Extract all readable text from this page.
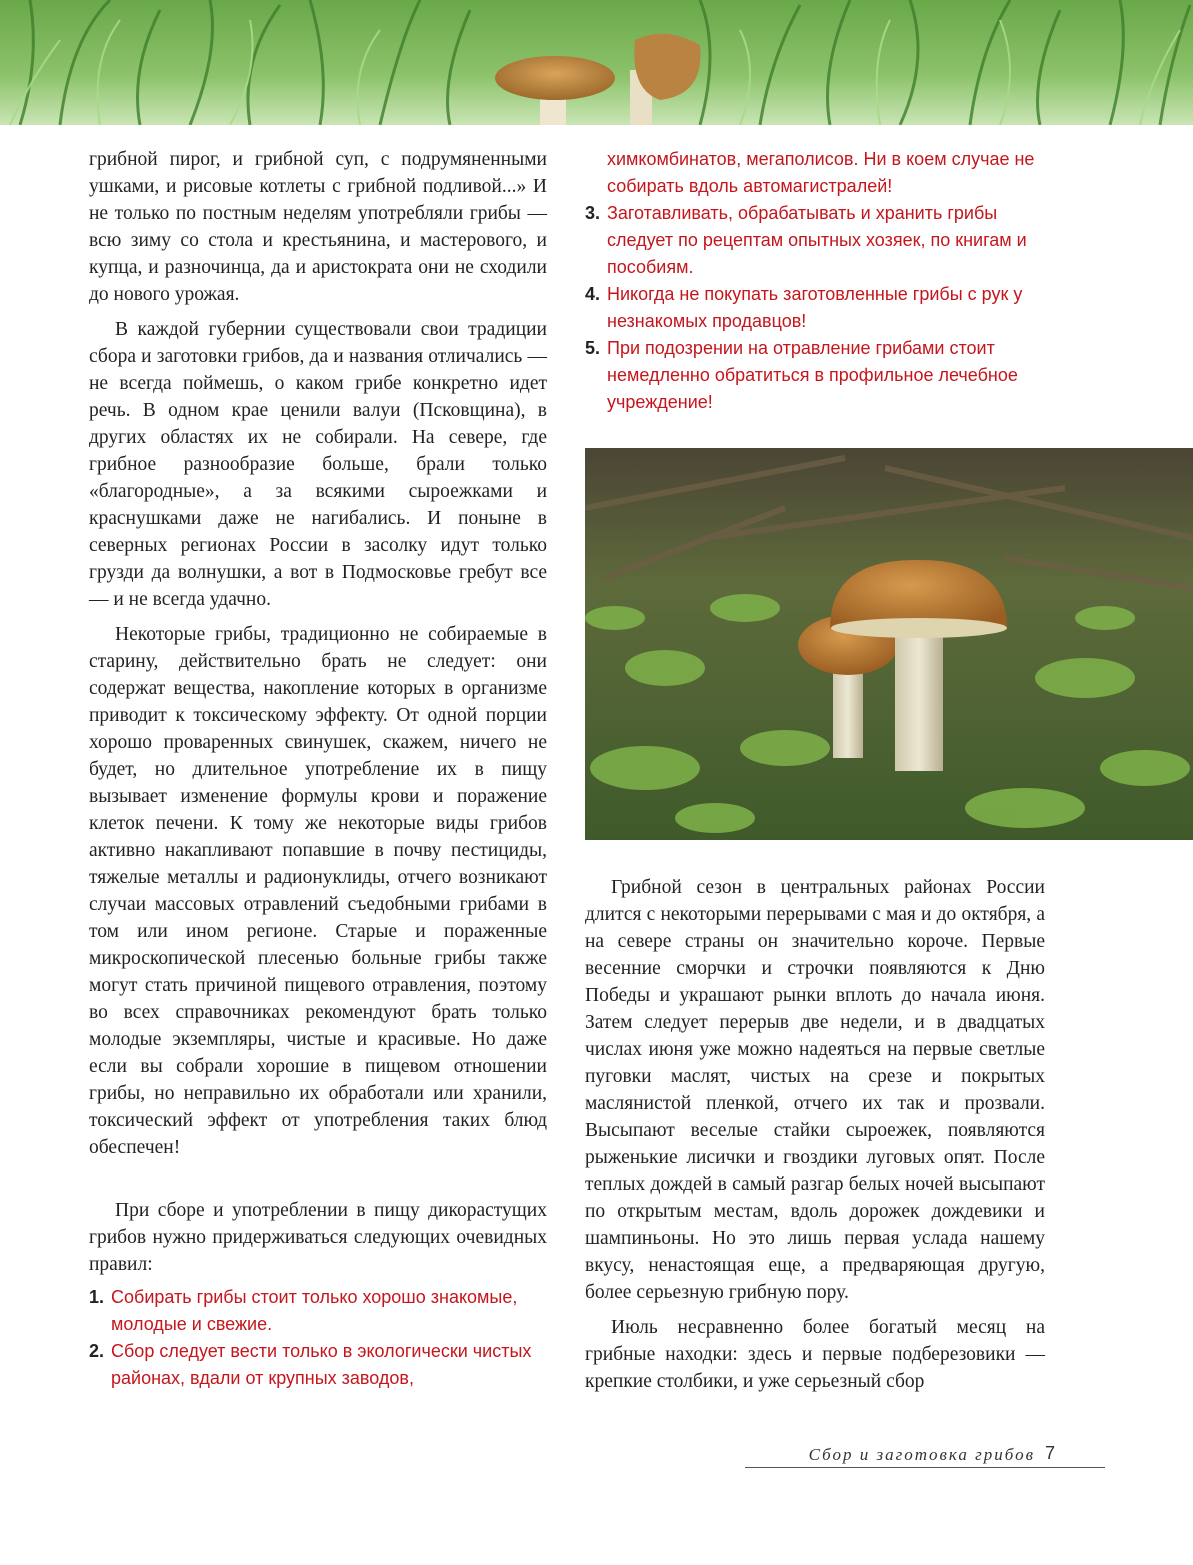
грибной пирог, и грибной суп, с подрумяненными ушками, и рисовые котлеты с грибной подливой...» И не только по постным неделям употребляли грибы — всю зиму со стола и крестьянина, и мастерового, и купца, и разночинца, да и аристократа они не сходили до нового урожая.

В каждой губернии существовали свои традиции сбора и заготовки грибов, да и названия отличались — не всегда поймешь, о каком грибе конкретно идет речь. В одном крае ценили валуи (Псковщина), в других областях их не собирали. На севере, где грибное разнообразие больше, брали только «благородные», а за всякими сыроежками и краснушками даже не нагибались. И поныне в северных регионах России в засолку идут только грузди да волнушки, а вот в Подмосковье гребут все — и не всегда удачно.

Некоторые грибы, традиционно не собираемые в старину, действительно брать не следует: они содержат вещества, накопление которых в организме приводит к токсическому эффекту. От одной порции хорошо проваренных свинушек, скажем, ничего не будет, но длительное употребление их в пищу вызывает изменение формулы крови и поражение клеток печени. К тому же некоторые виды грибов активно накапливают попавшие в почву пестициды, тяжелые металлы и радионуклиды, отчего возникают случаи массовых отравлений съедобными грибами в том или ином регионе. Старые и пораженные микроскопической плесенью больные грибы также могут стать причиной пищевого отравления, поэтому во всех справочниках рекомендуют брать только молодые экземпляры, чистые и красивые. Но даже если вы собрали хорошие в пищевом отношении грибы, но неправильно их обработали или хранили, токсический эффект от употребления таких блюд обеспечен!

При сборе и употреблении в пищу дикорастущих грибов нужно придерживаться следующих очевидных правил:

1. Собирать грибы стоит только хорошо знакомые, молодые и свежие.
2. Сбор следует вести только в экологически чистых районах, вдали от крупных заводов,
химкомбинатов, мегаполисов. Ни в коем случае не собирать вдоль автомагистралей!
3. Заготавливать, обрабатывать и хранить грибы следует по рецептам опытных хозяек, по книгам и пособиям.
4. Никогда не покупать заготовленные грибы с рук у незнакомых продавцов!
5. При подозрении на отравление грибами стоит немедленно обратиться в профильное лечебное учреждение!

Грибной сезон в центральных районах России длится с некоторыми перерывами с мая и до октября, а на севере страны он значительно короче. Первые весенние сморчки и строчки появляются к Дню Победы и украшают рынки вплоть до начала июня. Затем следует перерыв две недели, и в двадцатых числах июня уже можно надеяться на первые светлые пуговки маслят, чистых на срезе и покрытых маслянистой пленкой, отчего их так и прозвали. Высыпают веселые стайки сыроeжек, появляются рыженькие лисички и гвоздики луговых опят. После теплых дождей в самый разгар белых ночей высыпают по открытым местам, вдоль дорожек дождевики и шампиньоны. Но это лишь первая услада нашему вкусу, ненастоящая еще, а предваряющая другую, более серьезную грибную пору.

Июль несравненно более богатый месяц на грибные находки: здесь и первые подберезовики — крепкие столбики, и уже серьезный сбор

Сбор и заготовка грибов 7
